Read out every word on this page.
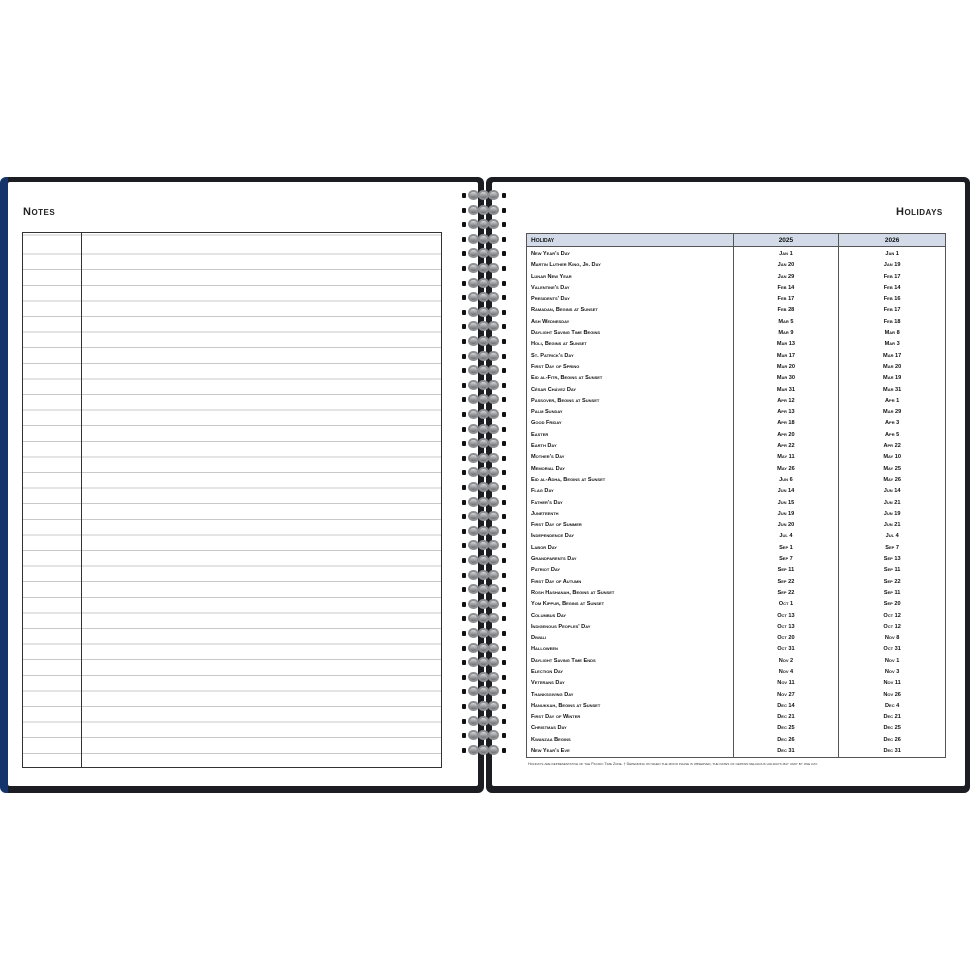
Notes	Holidays
Holiday	2025	2026
New Year's Day	Jan 1	Jan 1
Martin Luther King, Jr. Day	Jan 20	Jan 19
Lunar New Year	Jan 29	Feb 17
Valentine's Day	Feb 14	Feb 14
Presidents' Day	Feb 17	Feb 16
Ramadan, Begins at Sunset	Feb 28	Feb 17
Ash Wednesday	Mar 5	Feb 18
Daylight Saving Time Begins	Mar 9	Mar 8
Holi, Begins at Sunset	Mar 13	Mar 3
St. Patrick's Day	Mar 17	Mar 17
First Day of Spring	Mar 20	Mar 20
Eid al-Fitr, Begins at Sunset	Mar 30	Mar 19
César Chávez Day	Mar 31	Mar 31
Passover, Begins at Sunset	Apr 12	Apr 1
Palm Sunday	Apr 13	Mar 29
Good Friday	Apr 18	Apr 3
Easter	Apr 20	Apr 5
Earth Day	Apr 22	Apr 22
Mother's Day	May 11	May 10
Memorial Day	May 26	May 25
Eid al-Adha, Begins at Sunset	Jun 6	May 26
Flag Day	Jun 14	Jun 14
Father's Day	Jun 15	Jun 21
Juneteenth	Jun 19	Jun 19
First Day of Summer	Jun 20	Jun 21
Independence Day	Jul 4	Jul 4
Labor Day	Sep 1	Sep 7
Grandparents Day	Sep 7	Sep 13
Patriot Day	Sep 11	Sep 11
First Day of Autumn	Sep 22	Sep 22
Rosh Hashanah, Begins at Sunset	Sep 22	Sep 11
Yom Kippur, Begins at Sunset	Oct 1	Sep 20
Columbus Day	Oct 13	Oct 12
Indigenous Peoples' Day	Oct 13	Oct 12
Diwali	Oct 20	Nov 8
Halloween	Oct 31	Oct 31
Daylight Saving Time Ends	Nov 2	Nov 1
Election Day	Nov 4	Nov 3
Veterans Day	Nov 11	Nov 11
Thanksgiving Day	Nov 27	Nov 26
Hanukkah, Begins at Sunset	Dec 14	Dec 4
First Day of Winter	Dec 21	Dec 21
Christmas Day	Dec 25	Dec 25
Kwanzaa Begins	Dec 26	Dec 26
New Year's Eve	Dec 31	Dec 31
Holidays are representative of the Pacific Time Zone. † Depending on when the moon phase is observed, the dates of certain religious holidays may vary by one day.
